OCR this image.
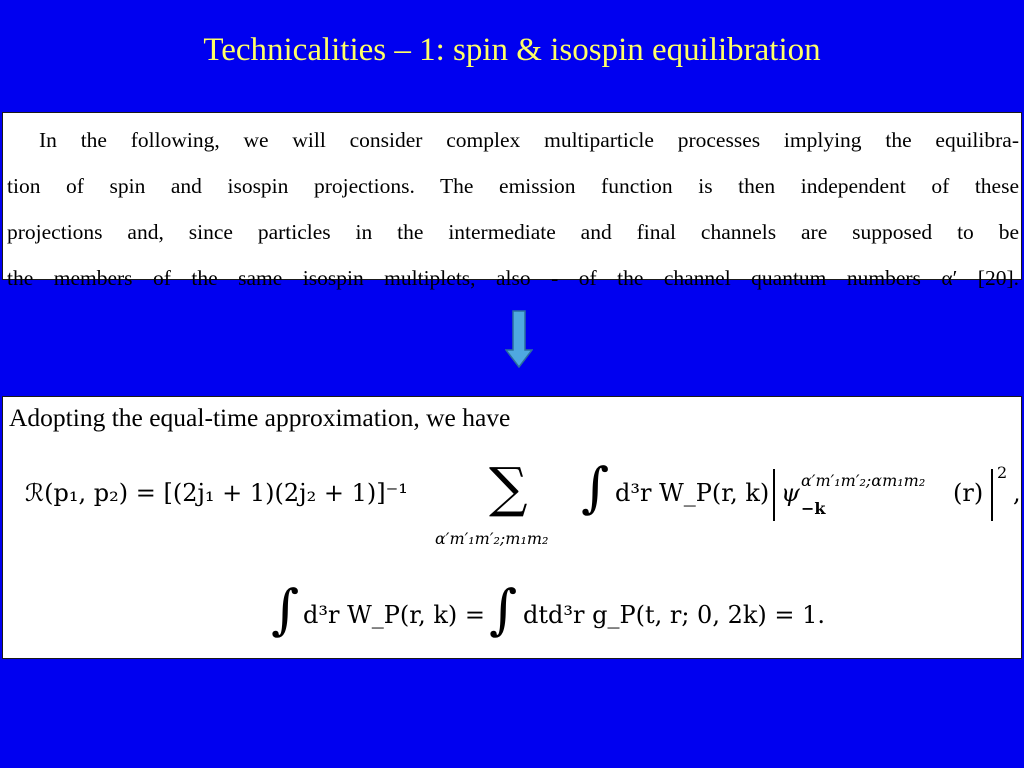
Technicalities – 1: spin & isospin equilibration
In the following, we will consider complex multiparticle processes implying the equilibra-
tion of spin and isospin projections. The emission function is then independent of these
projections and, since particles in the intermediate and final channels are supposed to be
the members of the same isospin multiplets, also - of the channel quantum numbers α′ [20].
Adopting the equal-time approximation, we have
ℛ(p₁, p₂) = [(2j₁ + 1)(2j₂ + 1)]⁻¹ ∑
α′m′₁m′₂;m₁m₂
∫ d³r W_P(r, k) ψ α′m′₁m′₂;αm₁m₂
−k
(r)
2
,
∫ d³r W_P(r, k) = ∫ dtd³r g_P(t, r; 0, 2k) = 1.
